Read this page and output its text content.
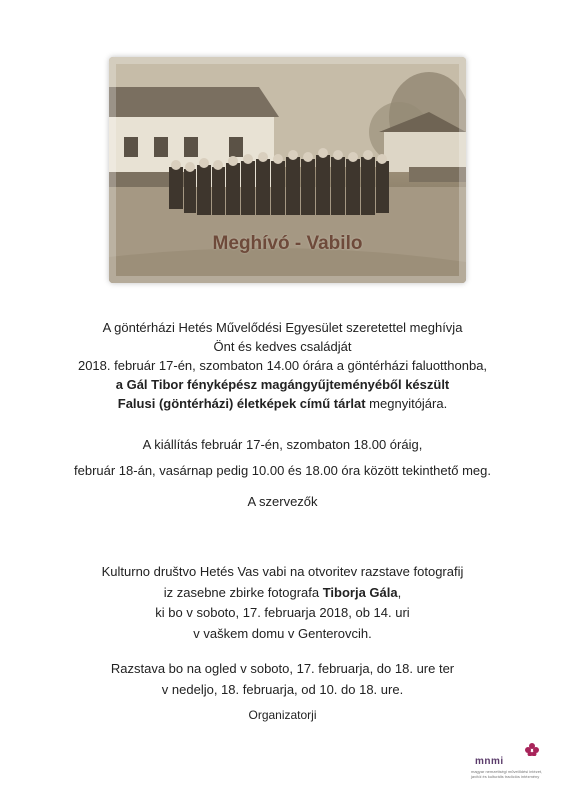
Meghívó - Vabilo

A göntérházi Hetés Művelődési Egyesület szeretettel meghívja

Önt és kedves családját

2018. február 17-én, szombaton 14.00 órára a göntérházi faluotthonba,

a Gál Tibor fényképész magángyűjteményéből készült

Falusi (göntérházi) életképek című tárlat megnyitójára.

A kiállítás február 17-én, szombaton 18.00 óráig,

február 18-án, vasárnap pedig 10.00 és 18.00 óra között tekinthető meg.

A szervezők

Kulturno društvo Hetés Vas vabi na otvoritev razstave fotografij

iz zasebne zbirke fotografa Tiborja Gála,

ki bo v soboto, 17. februarja 2018, ob 14. uri

v vaškem domu v Genterovcih.

Razstava bo na ogled v soboto, 17. februarja, do 18. ure ter

v nedeljo, 18. februarja, od 10. do 18. ure.

Organizatorji
mnmi
magyar nemzetiségi művelődési intézet, javítói és kulturális tradíciós intézmény
